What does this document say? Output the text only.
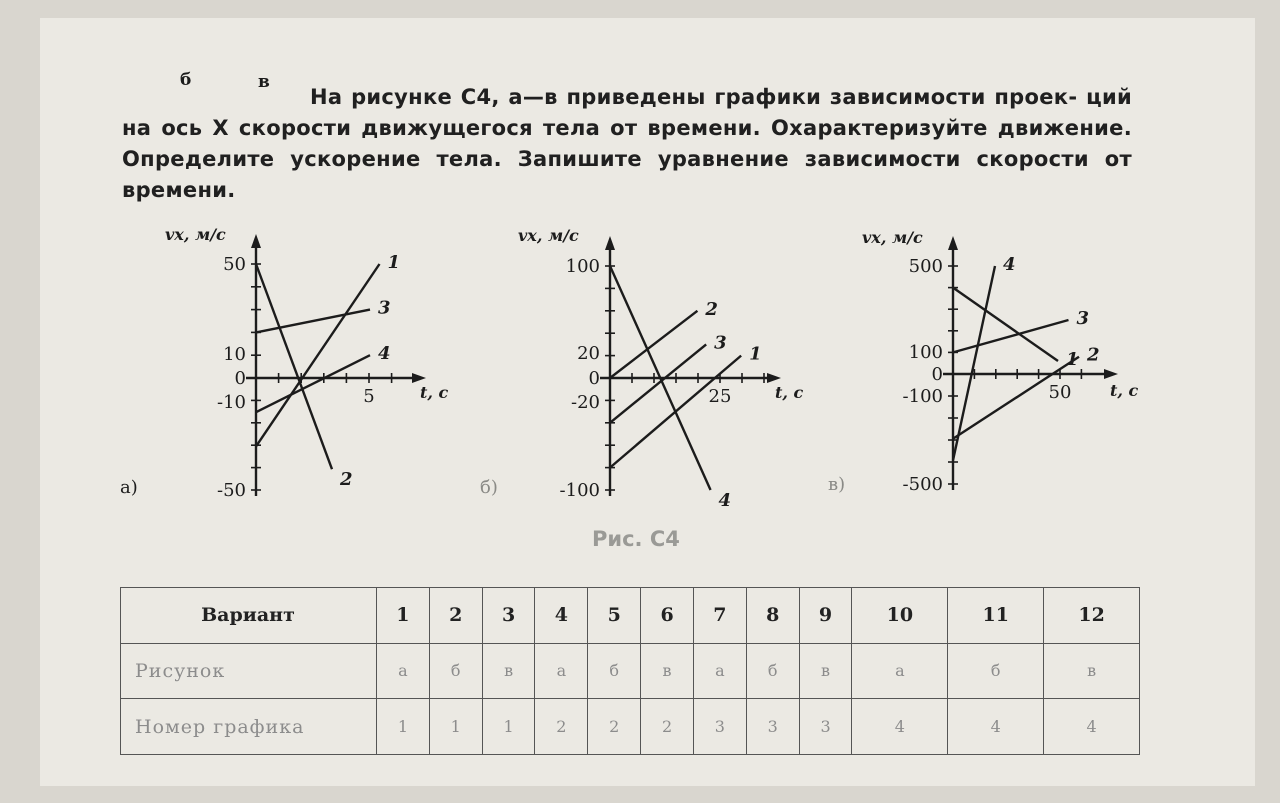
б	в
На рисунке С4, а—в приведены графики зависимости проек- ций на ось X скорости движущегося тела от времени. Охарактеризуйте движение. Определите ускорение тела. Запишите уравнение зависимости скорости от времени.
50
10
0
-10
-50
5
vx, м/с
t, с
а)
1
2
3
4
100
20
0
-20
-100
25
vx, м/с
t, с
б)
1
2
3
4
500
100
0
-100
-500
50
vx, м/с
t, с
в)
1 2
3
4
Рис. С4
Вариант	1	2	3	4	5	6	7	8	9	10	11	12
Рисунок	а	б	в	а	б	в	а	б	в	а	б	в
Номер графика	1	1	1	2	2	2	3	3	3	4	4	4
